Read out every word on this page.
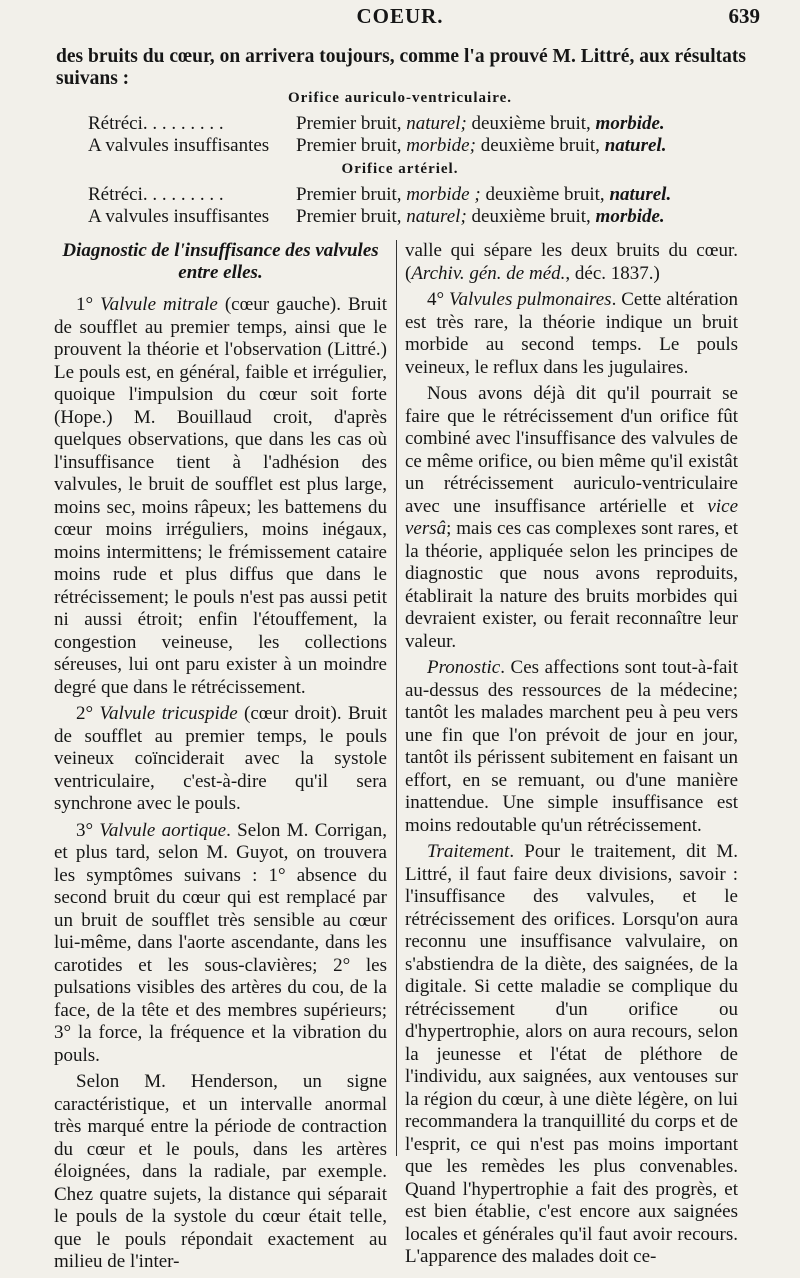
COEUR.	639
des bruits du cœur, on arrivera toujours, comme l'a prouvé M. Littré, aux résultats suivans :
Orifice auriculo-ventriculaire.
Rétréci. . . . . . . . .	Premier bruit, naturel; deuxième bruit, morbide.
A valvules insuffisantes Premier bruit, morbide; deuxième bruit, naturel.
Orifice artériel.
Rétréci. . . . . . . . .	Premier bruit, morbide ; deuxième bruit, naturel.
A valvules insuffisantes Premier bruit, naturel; deuxième bruit, morbide.
Diagnostic de l'insuffisance des valvules entre elles.

1° Valvule mitrale (cœur gauche). Bruit de soufflet au premier temps, ainsi que le prouvent la théorie et l'observation (Littré.) Le pouls est, en général, faible et irrégulier, quoique l'impulsion du cœur soit forte (Hope.) M. Bouillaud croit, d'après quelques observations, que dans les cas où l'insuffisance tient à l'adhésion des valvules, le bruit de soufflet est plus large, moins sec, moins râpeux; les battemens du cœur moins irréguliers, moins inégaux, moins intermittens; le frémissement cataire moins rude et plus diffus que dans le rétrécissement; le pouls n'est pas aussi petit ni aussi étroit; enfin l'étouffement, la congestion veineuse, les collections séreuses, lui ont paru exister à un moindre degré que dans le rétrécissement.

2° Valvule tricuspide (cœur droit). Bruit de soufflet au premier temps, le pouls veineux coïnciderait avec la systole ventriculaire, c'est-à-dire qu'il sera synchrone avec le pouls.

3° Valvule aortique. Selon M. Corrigan, et plus tard, selon M. Guyot, on trouvera les symptômes suivans : 1° absence du second bruit du cœur qui est remplacé par un bruit de soufflet très sensible au cœur lui-même, dans l'aorte ascendante, dans les carotides et les sous-clavières; 2° les pulsations visibles des artères du cou, de la face, de la tête et des membres supérieurs; 3° la force, la fréquence et la vibration du pouls.

Selon M. Henderson, un signe caractéristique, et un intervalle anormal très marqué entre la période de contraction du cœur et le pouls, dans les artères éloignées, dans la radiale, par exemple. Chez quatre sujets, la distance qui séparait le pouls de la systole du cœur était telle, que le pouls répondait exactement au milieu de l'inter-

valle qui sépare les deux bruits du cœur. (Archiv. gén. de méd., déc. 1837.)

4° Valvules pulmonaires. Cette altération est très rare, la théorie indique un bruit morbide au second temps. Le pouls veineux, le reflux dans les jugulaires.

Nous avons déjà dit qu'il pourrait se faire que le rétrécissement d'un orifice fût combiné avec l'insuffisance des valvules de ce même orifice, ou bien même qu'il existât un rétrécissement auriculo-ventriculaire avec une insuffisance artérielle et vice versâ; mais ces cas complexes sont rares, et la théorie, appliquée selon les principes de diagnostic que nous avons reproduits, établirait la nature des bruits morbides qui devraient exister, ou ferait reconnaître leur valeur.

Pronostic. Ces affections sont tout-à-fait au-dessus des ressources de la médecine; tantôt les malades marchent peu à peu vers une fin que l'on prévoit de jour en jour, tantôt ils périssent subitement en faisant un effort, en se remuant, ou d'une manière inattendue. Une simple insuffisance est moins redoutable qu'un rétrécissement.

Traitement. Pour le traitement, dit M. Littré, il faut faire deux divisions, savoir : l'insuffisance des valvules, et le rétrécissement des orifices. Lorsqu'on aura reconnu une insuffisance valvulaire, on s'abstiendra de la diète, des saignées, de la digitale. Si cette maladie se complique du rétrécissement d'un orifice ou d'hypertrophie, alors on aura recours, selon la jeunesse et l'état de pléthore de l'individu, aux saignées, aux ventouses sur la région du cœur, à une diète légère, on lui recommandera la tranquillité du corps et de l'esprit, ce qui n'est pas moins important que les remèdes les plus convenables. Quand l'hypertrophie a fait des progrès, et est bien établie, c'est encore aux saignées locales et générales qu'il faut avoir recours. L'apparence des malades doit ce-
